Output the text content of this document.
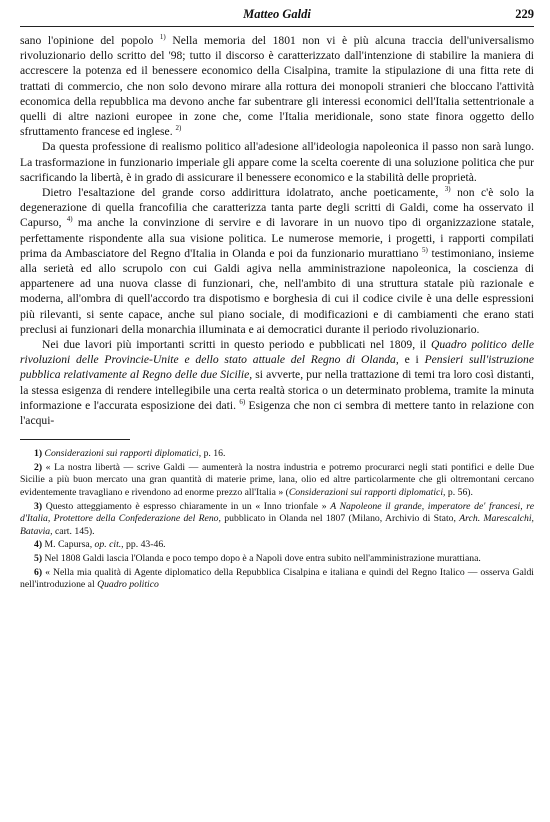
Matteo Galdi	229

sano l'opinione del popolo $^{1)}$ Nella memoria del 1801 non vi è più alcuna traccia dell'universalismo rivoluzionario dello scritto del '98; tutto il discorso è caratterizzato dall'intenzione di stabilire la maniera di accrescere la potenza ed il benessere economico della Cisalpina, tramite la stipulazione di una fitta rete di trattati di commercio, che non solo devono mirare alla rottura dei monopoli stranieri che bloccano l'attività economica della repubblica ma devono anche far subentrare gli interessi economici dell'Italia settentrionale a quelli di altre nazioni europee in zone che, come l'Italia meridionale, sono state finora oggetto dello sfruttamento francese ed inglese. $^{2)}$

Da questa professione di realismo politico all'adesione all'ideologia napoleonica il passo non sarà lungo. La trasformazione in funzionario imperiale gli appare come la scelta coerente di una soluzione politica che pur sacrificando la libertà, è in grado di assicurare il benessere economico e la stabilità delle proprietà.

Dietro l'esaltazione del grande corso addirittura idolatrato, anche poeticamente, $^{3)}$ non c'è solo la degenerazione di quella francofilia che caratterizza tanta parte degli scritti di Galdi, come ha osservato il Capurso, $^{4)}$ ma anche la convinzione di servire e di lavorare in un nuovo tipo di organizzazione statale, perfettamente rispondente alla sua visione politica. Le numerose memorie, i progetti, i rapporti compilati prima da Ambasciatore del Regno d'Italia in Olanda e poi da funzionario murattiano $^{5)}$ testimoniano, insieme alla serietà ed allo scrupolo con cui Galdi agiva nella amministrazione napoleonica, la coscienza di appartenere ad una nuova classe di funzionari, che, nell'ambito di una struttura statale più razionale e moderna, all'ombra di quell'accordo tra dispotismo e borghesia di cui il codice civile è una delle espressioni più rilevanti, si sente capace, anche sul piano sociale, di modificazioni e di cambiamenti che erano stati preclusi ai funzionari della monarchia illuminata e ai democratici durante il periodo rivoluzionario.

Nei due lavori più importanti scritti in questo periodo e pubblicati nel 1809, il Quadro politico delle rivoluzioni delle Provincie-Unite e dello stato attuale del Regno di Olanda, e i Pensieri sull'istruzione pubblica relativamente al Regno delle due Sicilie, si avverte, pur nella trattazione di temi tra loro così distanti, la stessa esigenza di rendere intellegibile una certa realtà storica o un determinato problema, tramite la minuta informazione e l'accurata esposizione dei dati. $^{6)}$ Esigenza che non ci sembra di mettere tanto in relazione con l'acqui-

1) Considerazioni sui rapporti diplomatici, p. 16.

2) « La nostra libertà — scrive Galdi — aumenterà la nostra industria e potremo procurarci negli stati pontifici e delle Due Sicilie a più buon mercato una gran quantità di materie prime, lana, olio ed altre particolarmente che gli oltremontani cercano evidentemente travagliano e rivendono ad enorme prezzo all'Italia » (Considerazioni sui rapporti diplomatici, p. 56).

3) Questo atteggiamento è espresso chiaramente in un « Inno trionfale » A Napoleone il grande, imperatore de' francesi, re d'Italia, Protettore della Confederazione del Reno, pubblicato in Olanda nel 1807 (Milano, Archivio di Stato, Arch. Marescalchi, Batavia, cart. 145).

4) M. Capursa, op. cit., pp. 43-46.

5) Nel 1808 Galdi lascia l'Olanda e poco tempo dopo è a Napoli dove entra subito nell'amministrazione murattiana.

6) « Nella mia qualità di Agente diplomatico della Repubblica Cisalpina e italiana e quindi del Regno Italico — osserva Galdi nell'introduzione al Quadro politico
